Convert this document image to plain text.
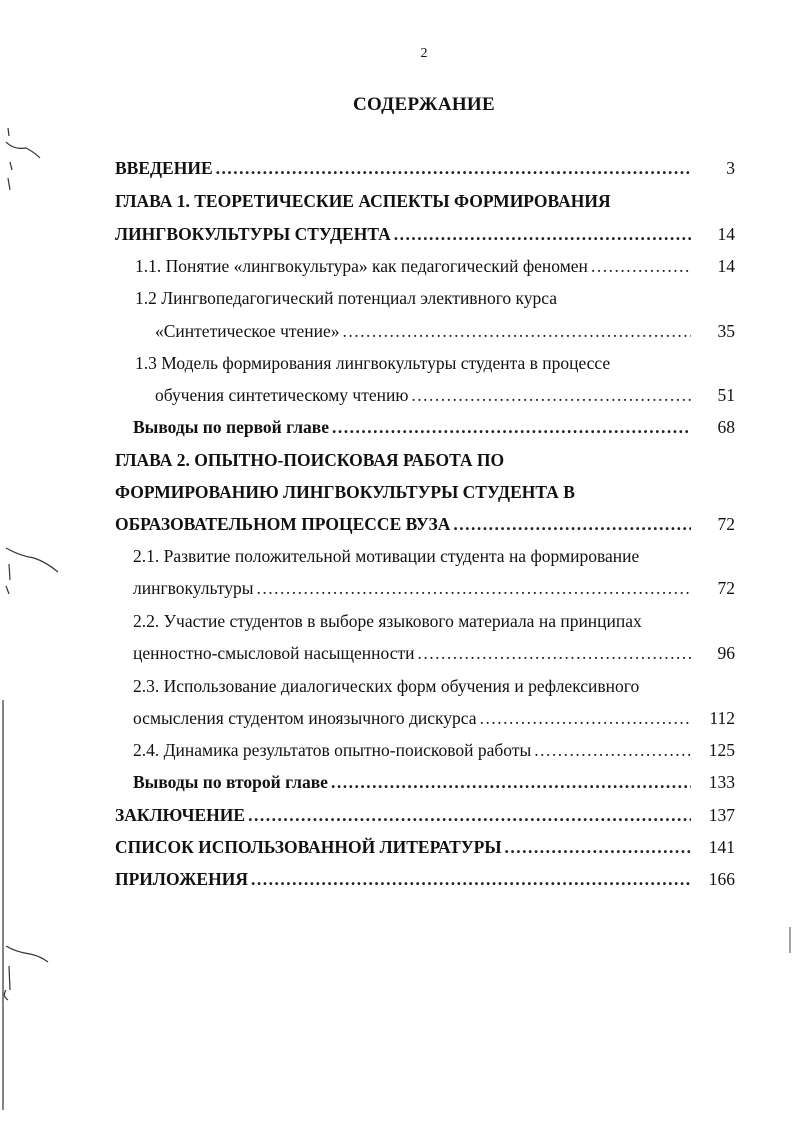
2
СОДЕРЖАНИЕ
ВВЕДЕНИЕ .....	3
ГЛАВА 1. ТЕОРЕТИЧЕСКИЕ АСПЕКТЫ ФОРМИРОВАНИЯ
ЛИНГВОКУЛЬТУРЫ СТУДЕНТА .....	14
1.1. Понятие «лингвокультура» как педагогический феномен .....	14
1.2 Лингвопедагогический потенциал элективного курса
«Синтетическое чтение» .....	35
1.3 Модель формирования лингвокультуры студента в процессе
обучения синтетическому чтению .....	51
Выводы по первой главе .....	68
ГЛАВА 2. ОПЫТНО-ПОИСКОВАЯ РАБОТА ПО
ФОРМИРОВАНИЮ ЛИНГВОКУЛЬТУРЫ СТУДЕНТА В
ОБРАЗОВАТЕЛЬНОМ ПРОЦЕССЕ ВУЗА .....	72
2.1. Развитие положительной мотивации студента на формирование
лингвокультуры .....	72
2.2. Участие студентов в выборе языкового материала на принципах
ценностно-смысловой насыщенности .....	96
2.3. Использование диалогических форм обучения и рефлексивного
осмысления студентом иноязычного дискурса .....	112
2.4. Динамика результатов опытно-поисковой работы .....	125
Выводы по второй главе .....	133
ЗАКЛЮЧЕНИЕ .....	137
СПИСОК ИСПОЛЬЗОВАННОЙ ЛИТЕРАТУРЫ .....	141
ПРИЛОЖЕНИЯ .....	166
